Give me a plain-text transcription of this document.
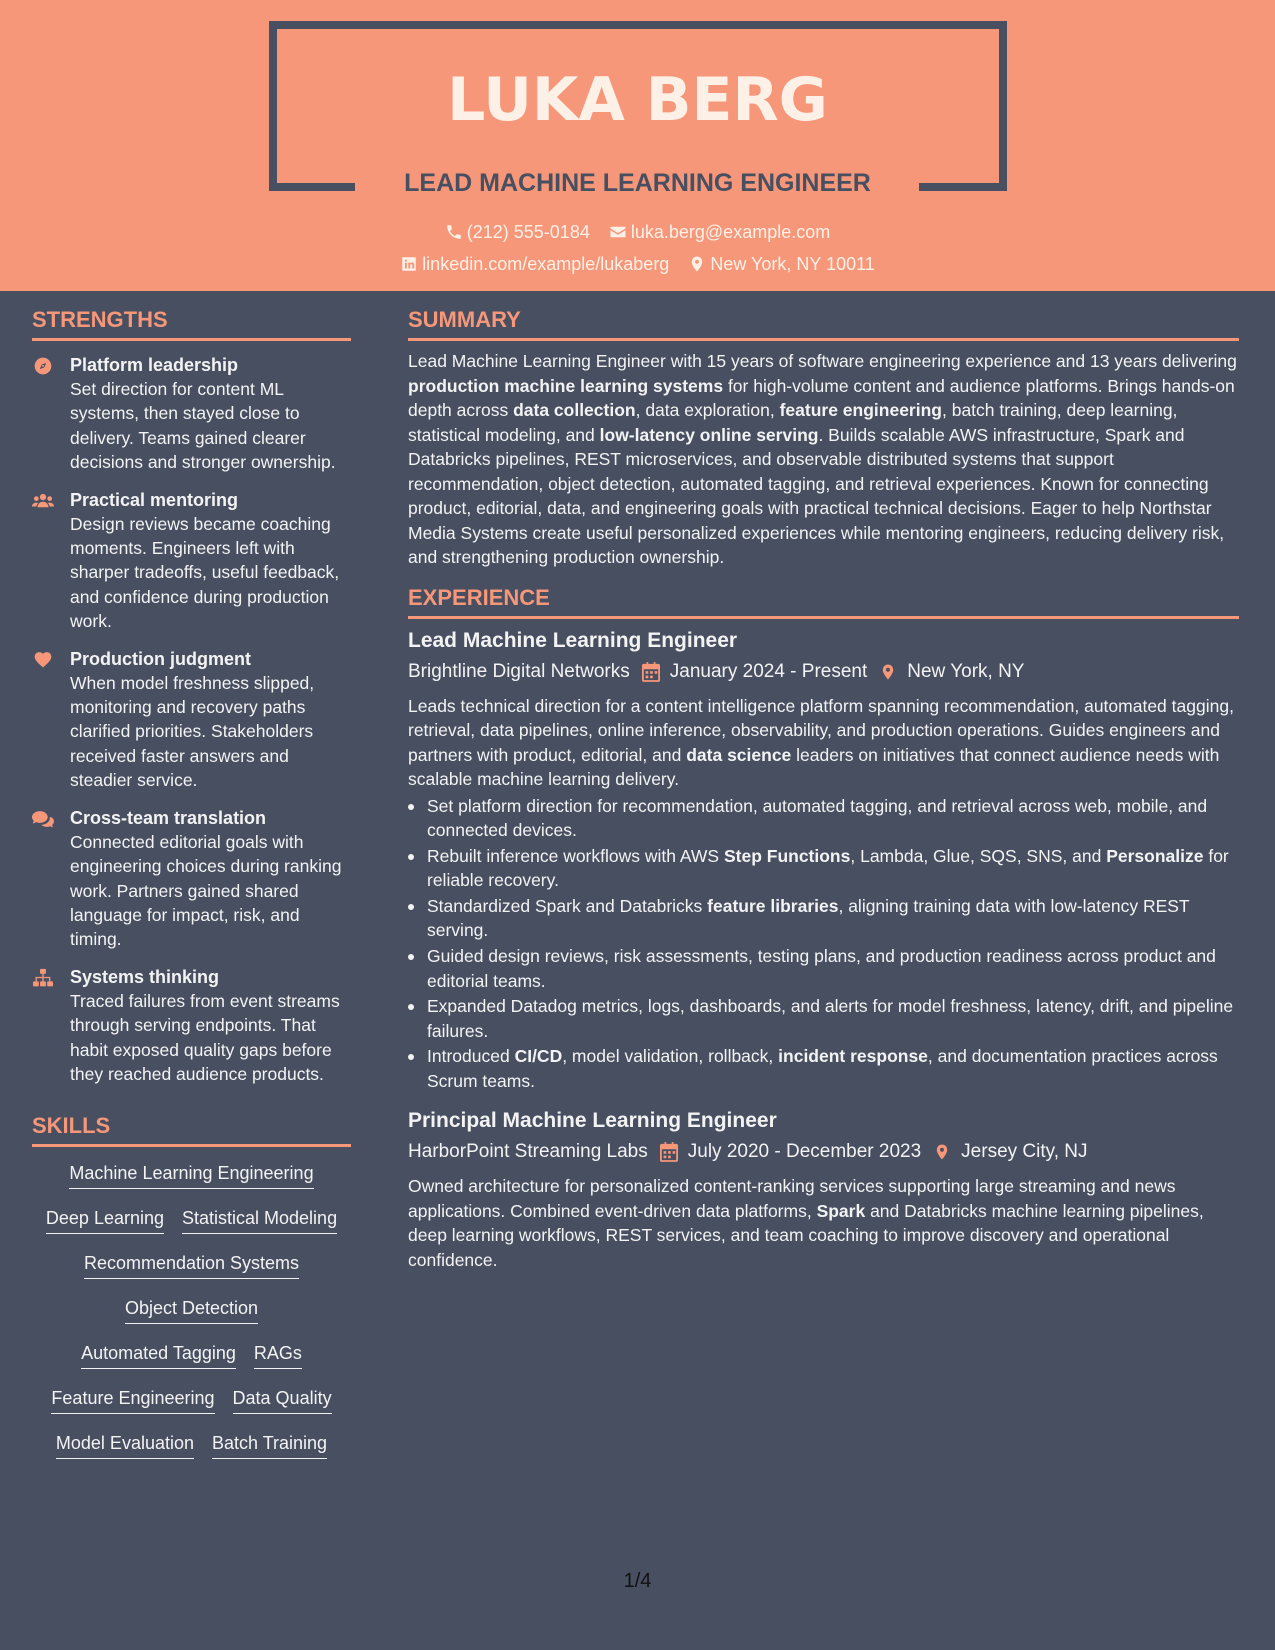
LUKA BERG
LEAD MACHINE LEARNING ENGINEER
(212) 555-0184
luka.berg@example.com
linkedin.com/example/lukaberg
New York, NY 10011
STRENGTHS
Platform leadership
Set direction for content ML systems, then stayed close to delivery. Teams gained clearer decisions and stronger ownership.
Practical mentoring
Design reviews became coaching moments. Engineers left with sharper tradeoffs, useful feedback, and confidence during production work.
Production judgment
When model freshness slipped, monitoring and recovery paths clarified priorities. Stakeholders received faster answers and steadier service.
Cross-team translation
Connected editorial goals with engineering choices during ranking work. Partners gained shared language for impact, risk, and timing.
Systems thinking
Traced failures from event streams through serving endpoints. That habit exposed quality gaps before they reached audience products.
SKILLS
Machine Learning Engineering
Deep Learning Statistical Modeling
Recommendation Systems
Object Detection
Automated Tagging RAGs
Feature Engineering Data Quality
Model Evaluation Batch Training
SUMMARY
Lead Machine Learning Engineer with 15 years of software engineering experience and 13 years delivering production machine learning systems for high-volume content and audience platforms. Brings hands-on depth across data collection, data exploration, feature engineering, batch training, deep learning, statistical modeling, and low-latency online serving. Builds scalable AWS infrastructure, Spark and Databricks pipelines, REST microservices, and observable distributed systems that support recommendation, object detection, automated tagging, and retrieval experiences. Known for connecting product, editorial, data, and engineering goals with practical technical decisions. Eager to help Northstar Media Systems create useful personalized experiences while mentoring engineers, reducing delivery risk, and strengthening production ownership.
EXPERIENCE
Lead Machine Learning Engineer
Brightline Digital Networks January 2024 - Present New York, NY
Leads technical direction for a content intelligence platform spanning recommendation, automated tagging, retrieval, data pipelines, online inference, observability, and production operations. Guides engineers and partners with product, editorial, and data science leaders on initiatives that connect audience needs with scalable machine learning delivery.
Set platform direction for recommendation, automated tagging, and retrieval across web, mobile, and connected devices.
Rebuilt inference workflows with AWS Step Functions, Lambda, Glue, SQS, SNS, and Personalize for reliable recovery.
Standardized Spark and Databricks feature libraries, aligning training data with low-latency REST serving.
Guided design reviews, risk assessments, testing plans, and production readiness across product and editorial teams.
Expanded Datadog metrics, logs, dashboards, and alerts for model freshness, latency, drift, and pipeline failures.
Introduced CI/CD, model validation, rollback, incident response, and documentation practices across Scrum teams.
Principal Machine Learning Engineer
HarborPoint Streaming Labs July 2020 - December 2023 Jersey City, NJ
Owned architecture for personalized content-ranking services supporting large streaming and news applications. Combined event-driven data platforms, Spark and Databricks machine learning pipelines, deep learning workflows, REST services, and team coaching to improve discovery and operational confidence.
1/4
